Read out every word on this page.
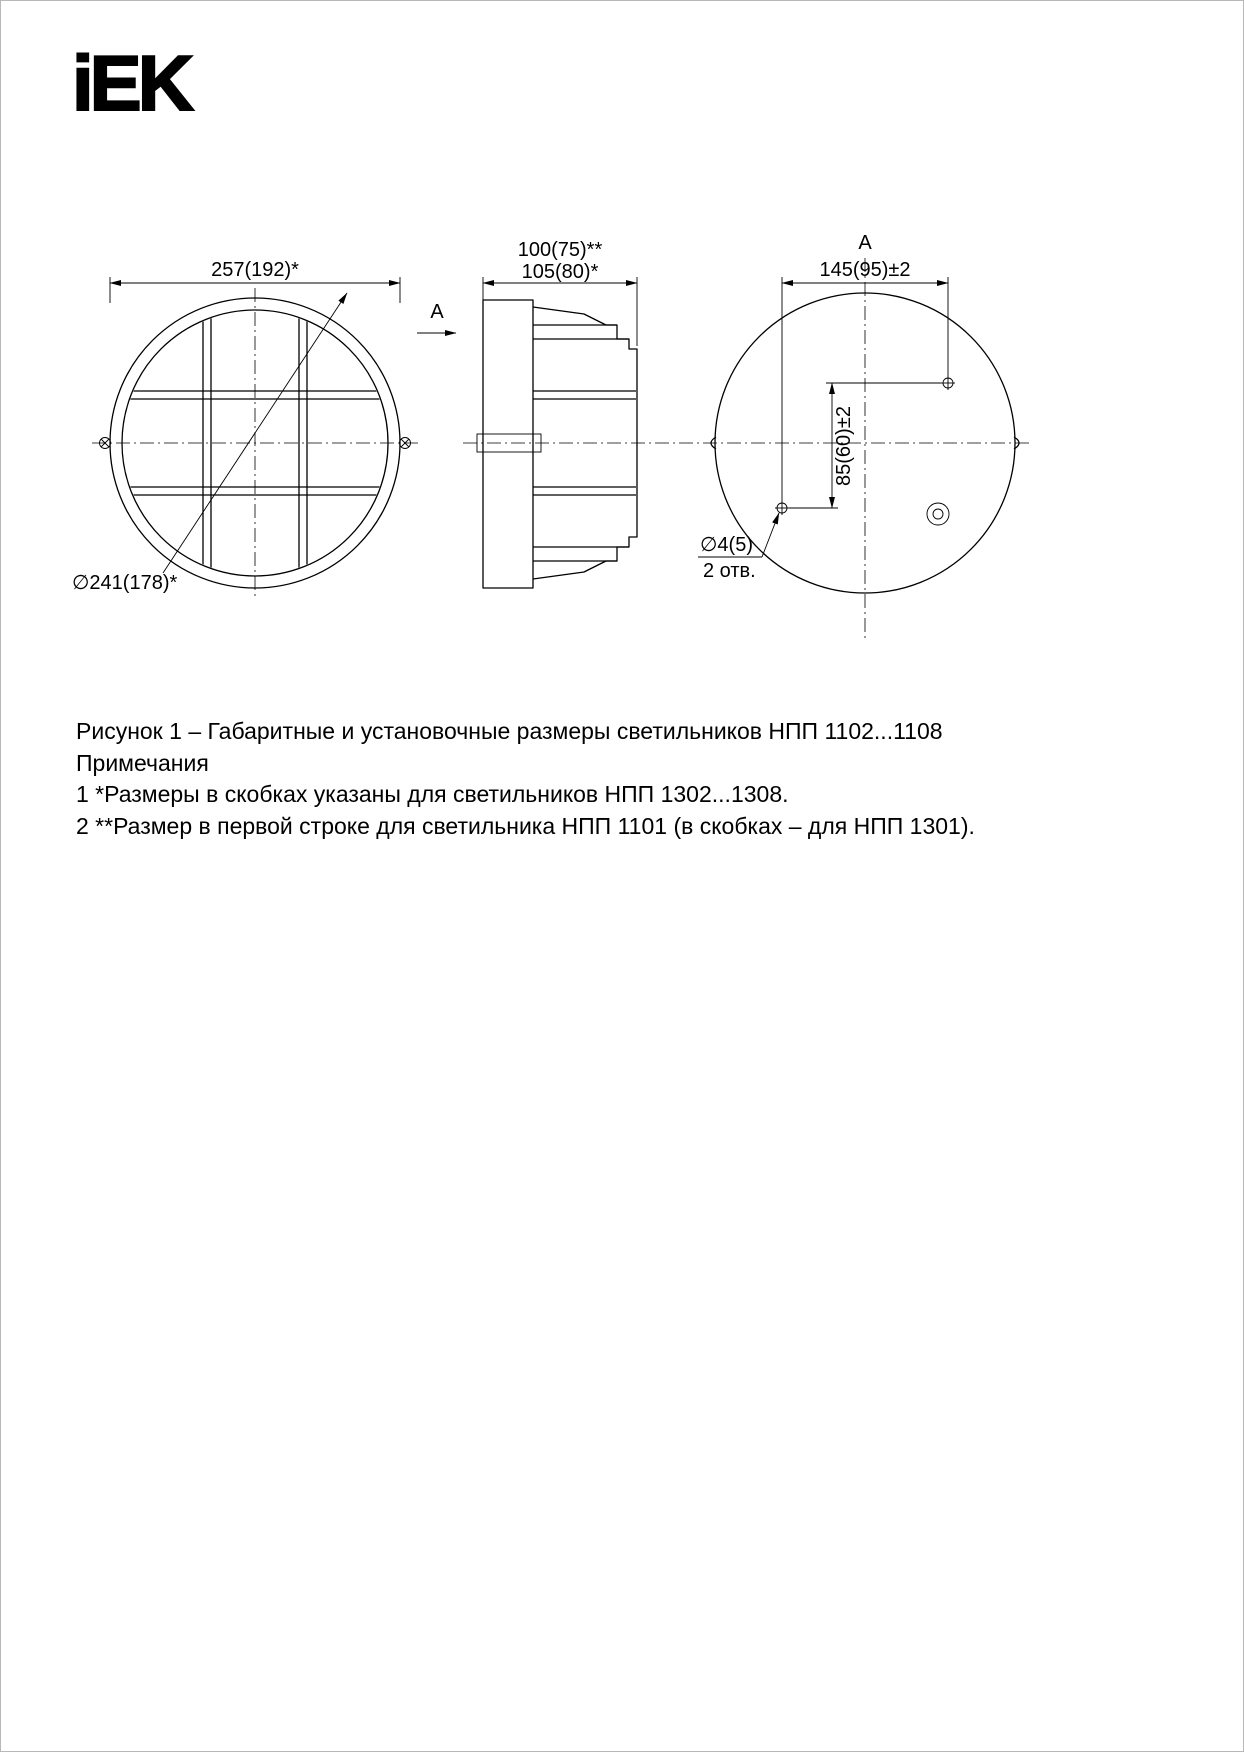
iEK
257(192)*
∅241(178)*
100(75)**
105(80)*
А
А
145(95)±2
85(60)±2
∅4(5)
2 отв.
Рисунок 1 – Габаритные и установочные размеры светильников НПП 1102...1108
Примечания
1 *Размеры в скобках указаны для светильников НПП 1302...1308.
2 **Размер в первой строке для светильника НПП 1101 (в скобках – для НПП 1301).
